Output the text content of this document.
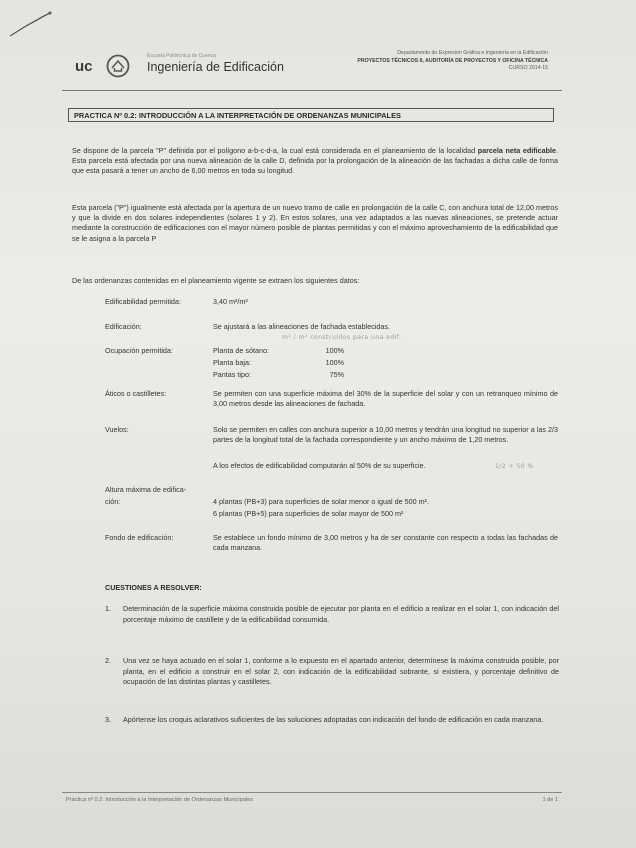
uc
Escuela Politécnica de Cuenca
Ingeniería de Edificación
Departamento de Expresión Gráfica e Ingeniería en la Edificación
PROYECTOS TÉCNICOS II, AUDITORÍA DE PROYECTOS Y OFICINA TÉCNICA
CURSO 2014-15
PRACTICA Nº 0.2: INTRODUCCIÓN A LA INTERPRETACIÓN DE ORDENANZAS MUNICIPALES
Se dispone de la parcela "P" definida por el polígono a-b-c-d-a, la cual está considerada en el planeamiento de la localidad parcela neta edificable. Esta parcela está afectada por una nueva alineación de la calle D, definida por la prolongación de la alineación de las fachadas a dicha calle de forma que esta pasará a tener un ancho de 6,00 metros en toda su longitud.
Esta parcela ("P") igualmente está afectada por la apertura de un nuevo tramo de calle en prolongación de la calle C, con anchura total de 12,00 metros y que la divide en dos solares independientes (solares 1 y 2). En estos solares, una vez adaptados a las nuevas alineaciones, se pretende actuar mediante la construcción de edificaciones con el mayor número posible de plantas permitidas y con el máximo aprovechamiento de la edificabilidad que se le asigna a la parcela P
De las ordenanzas contenidas en el planeamiento vigente se extraen los siguientes datos:
Edificabilidad permitida:	3,40 m²/m²
Edificación:	Se ajustará a las alineaciones de fachada establecidas.
m² / m² construidos para una edif.
Ocupación permitida:	Planta de sótano:	100%
Planta baja:	100%
Pantas tipo:	75%
Áticos o castilletes:	Se permiten con una superficie máxima del 30% de la superficie del solar y con un retranqueo mínimo de 3,00 metros desde las alineaciones de fachada.
Vuelos:	Solo se permiten en calles con anchura superior a 10,00 metros y tendrán una longitud no superior a las 2/3 partes de la longitud total de la fachada correspondiente y un ancho máximo de 1,20 metros.
A los efectos de edificabilidad computarán al 50% de su superficie.	1/2 + 50 %
Altura máxima de edifica-
ción:	4 plantas (PB+3) para superficies de solar menor o igual de 500 m².
6 plantas (PB+5) para superficies de solar mayor de 500 m²
Fondo de edificación:	Se establece un fondo mínimo de 3,00 metros y ha de ser constante con respecto a todas las fachadas de cada manzana.
CUESTIONES A RESOLVER:
1. Determinación de la superficie máxima construida posible de ejecutar por planta en el edificio a realizar en el solar 1, con indicación del porcentaje máximo de castillete y de la edificabilidad consumida.
2. Una vez se haya actuado en el solar 1, conforme a lo expuesto en el apartado anterior, determínese la máxima construida posible, por planta, en el edificio a construir en el solar 2, con indicación de la edificabilidad sobrante, si existiera, y porcentaje definitivo de ocupación de las distintas plantas y castilletes.
3. Apórtense los croquis aclarativos suficientes de las soluciones adoptadas con indicación del fondo de edificación en cada manzana.
Práctica nº 0.2: Introducción a la Interpretación de Ordenanzas Municipales	1 de 1
